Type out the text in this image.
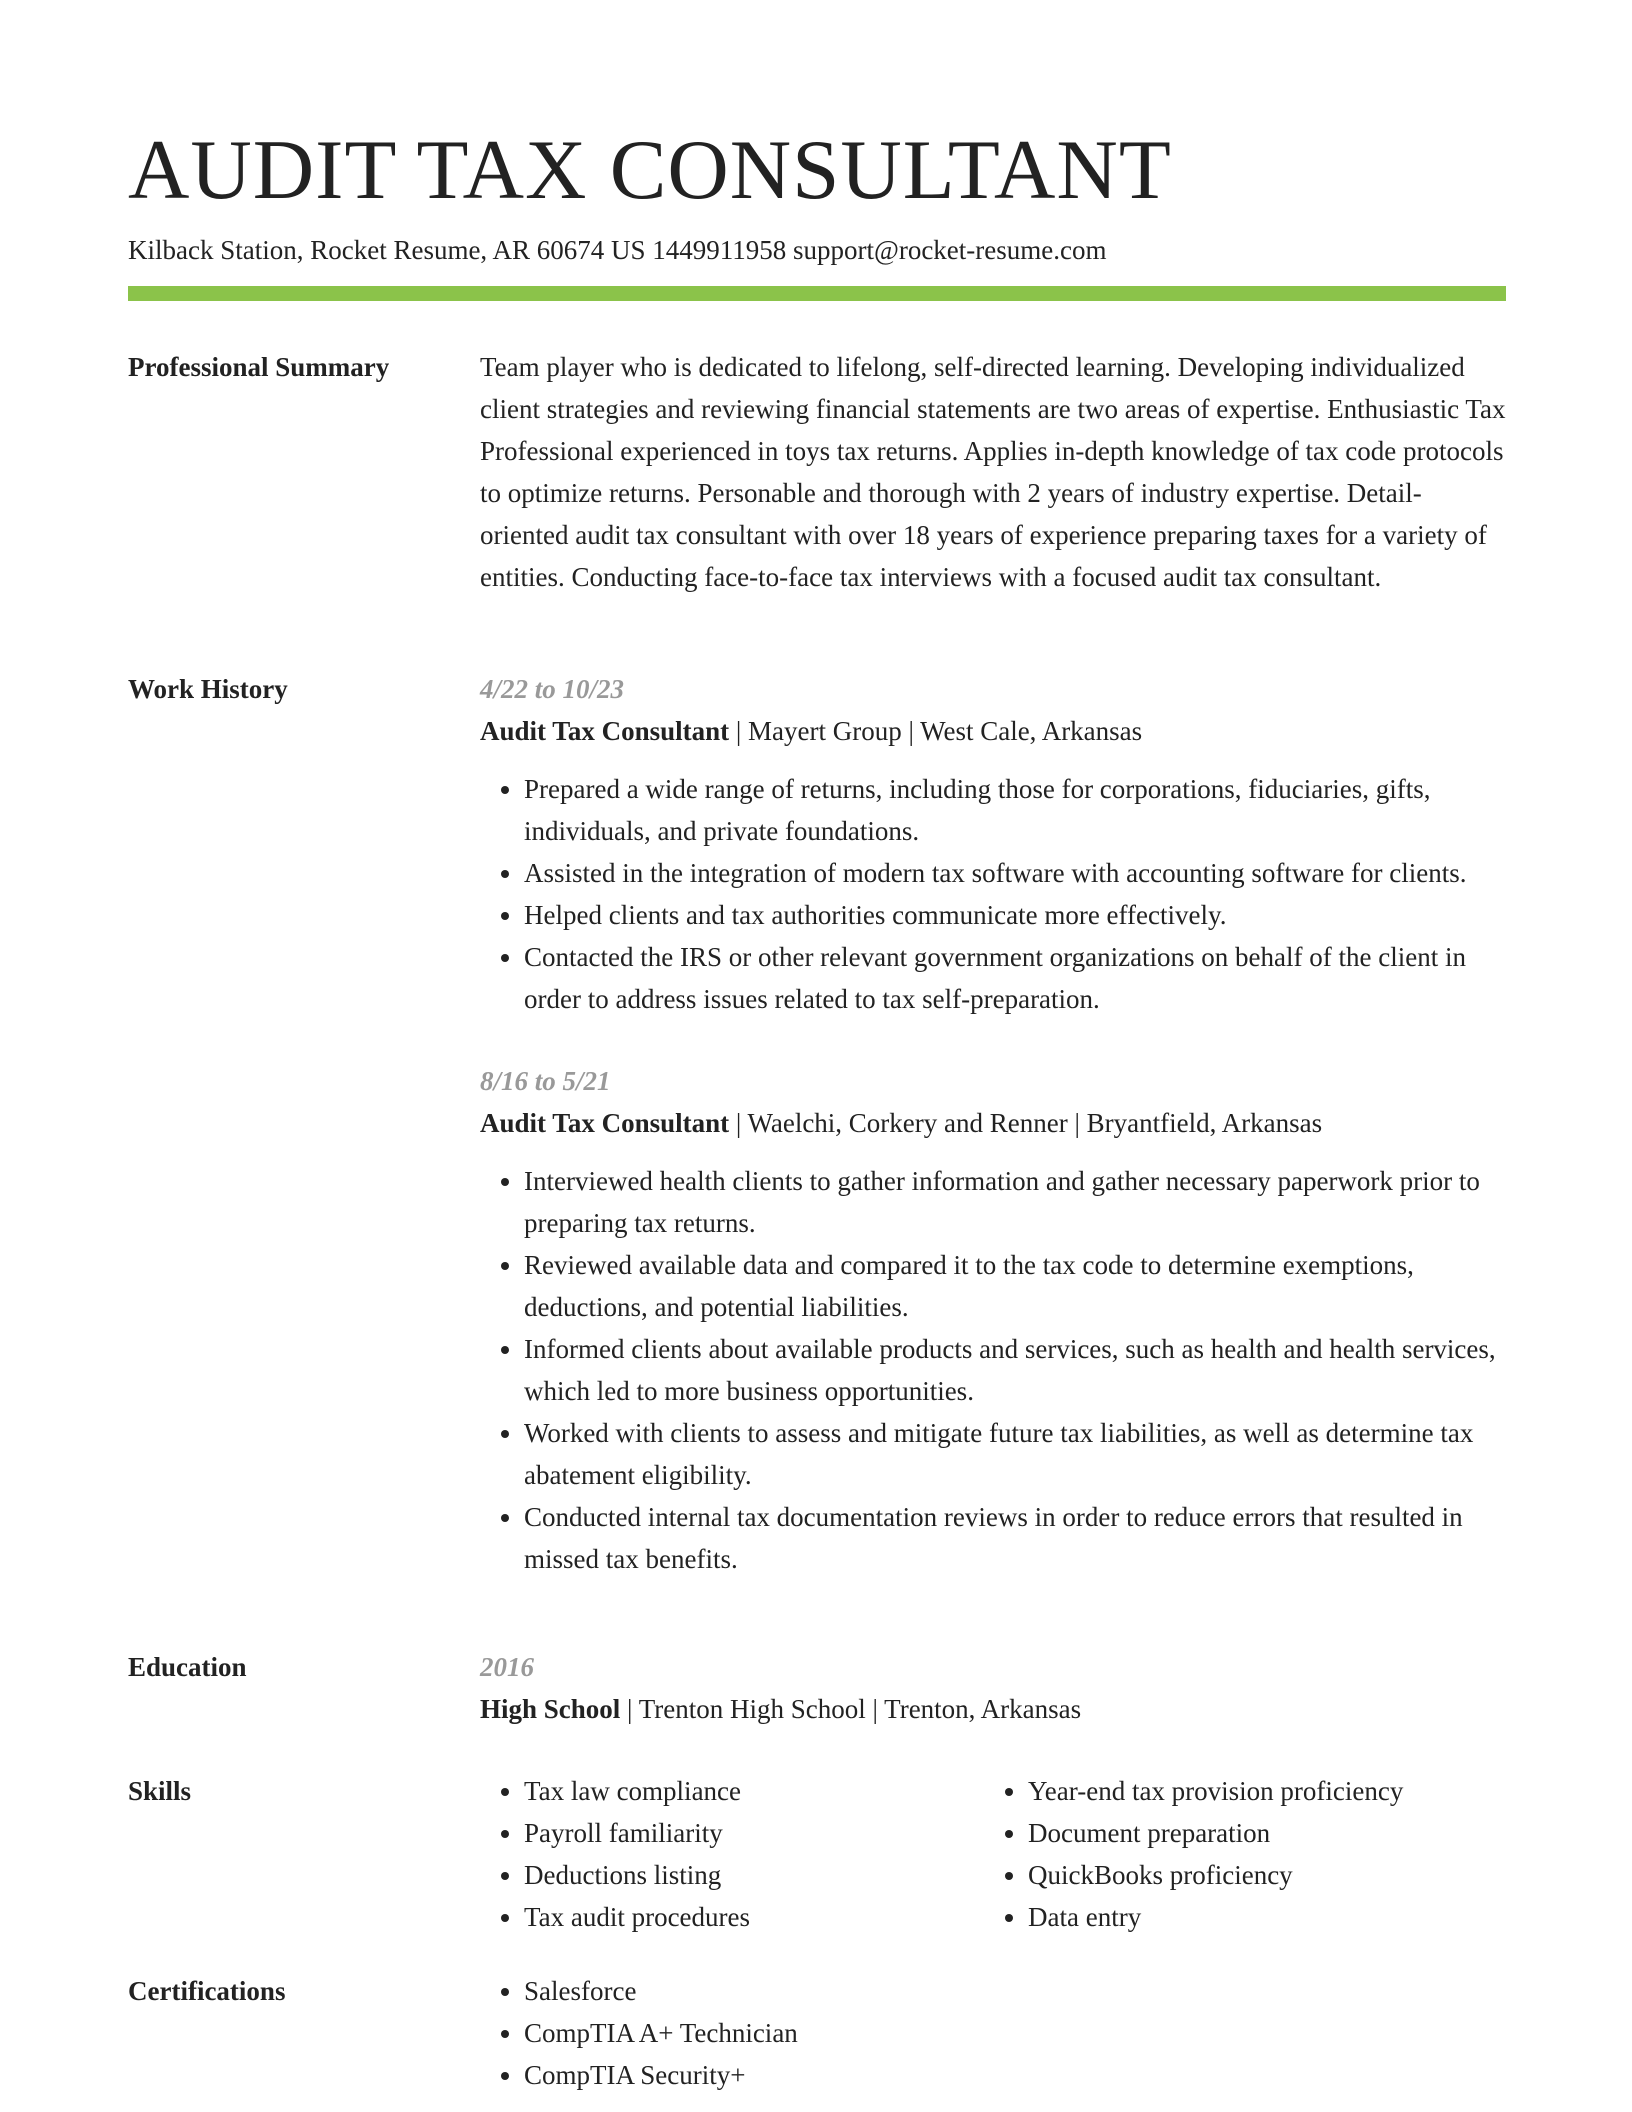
AUDIT TAX CONSULTANT
Kilback Station, Rocket Resume, AR 60674 US 1449911958 support@rocket-resume.com
Professional Summary	Team player who is dedicated to lifelong, self-directed learning. Developing individualized client strategies and reviewing financial statements are two areas of expertise. Enthusiastic Tax Professional experienced in toys tax returns. Applies in-depth knowledge of tax code protocols to optimize returns. Personable and thorough with 2 years of industry expertise. Detail-oriented audit tax consultant with over 18 years of experience preparing taxes for a variety of entities. Conducting face-to-face tax interviews with a focused audit tax consultant.

Work History	4/22 to 10/23
Audit Tax Consultant | Mayert Group | West Cale, Arkansas
• Prepared a wide range of returns, including those for corporations, fiduciaries, gifts, individuals, and private foundations.
• Assisted in the integration of modern tax software with accounting software for clients.
• Helped clients and tax authorities communicate more effectively.
• Contacted the IRS or other relevant government organizations on behalf of the client in order to address issues related to tax self-preparation.
8/16 to 5/21
Audit Tax Consultant | Waelchi, Corkery and Renner | Bryantfield, Arkansas
• Interviewed health clients to gather information and gather necessary paperwork prior to preparing tax returns.
• Reviewed available data and compared it to the tax code to determine exemptions, deductions, and potential liabilities.
• Informed clients about available products and services, such as health and health services, which led to more business opportunities.
• Worked with clients to assess and mitigate future tax liabilities, as well as determine tax abatement eligibility.
• Conducted internal tax documentation reviews in order to reduce errors that resulted in missed tax benefits.
Education	2016
High School | Trenton High School | Trenton, Arkansas
Skills	• Tax law compliance
• Payroll familiarity
• Deductions listing
• Tax audit procedures
• Year-end tax provision proficiency
• Document preparation
• QuickBooks proficiency
• Data entry
Certifications	• Salesforce
• CompTIA A+ Technician
• CompTIA Security+
